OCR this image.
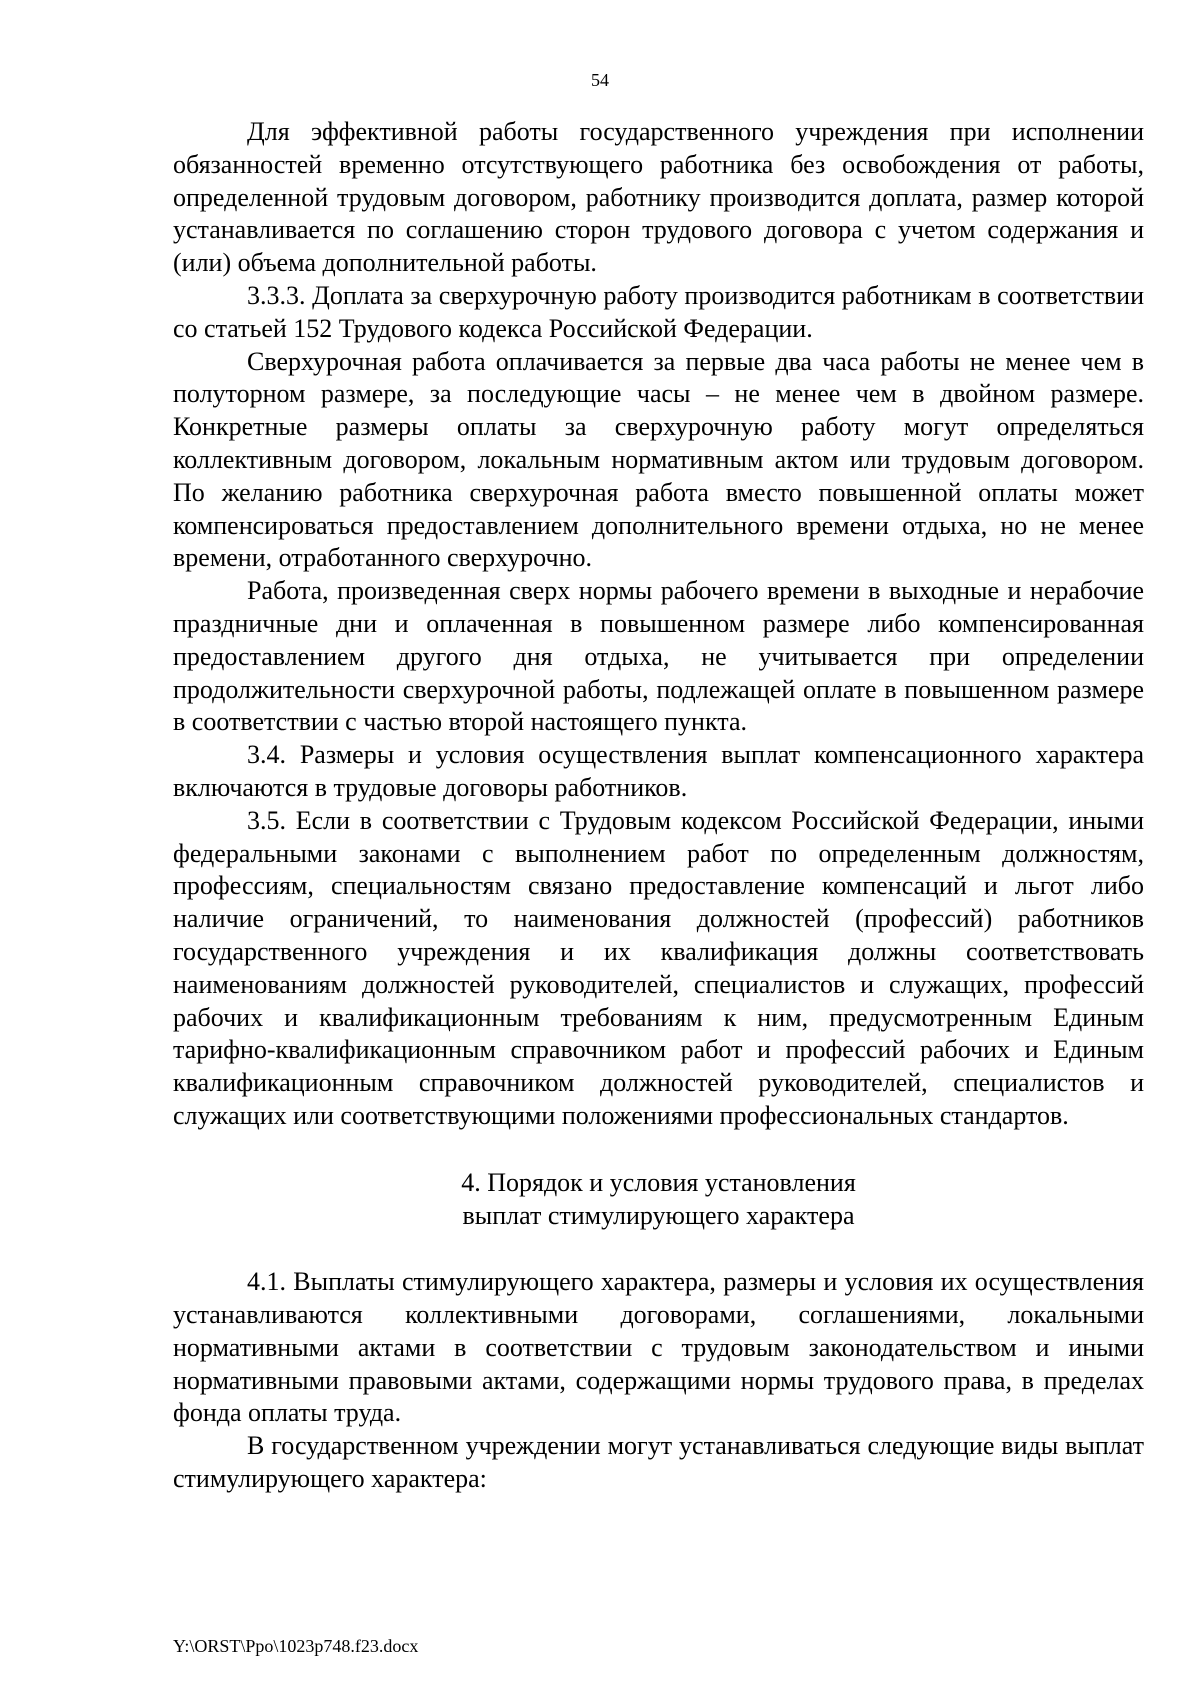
54

Для эффективной работы государственного учреждения при исполнении обязанностей временно отсутствующего работника без освобождения от работы, определенной трудовым договором, работнику производится доплата, размер которой устанавливается по соглашению сторон трудового договора с учетом содержания и (или) объема дополнительной работы.

3.3.3. Доплата за сверхурочную работу производится работникам в соответствии со статьей 152 Трудового кодекса Российской Федерации.

Сверхурочная работа оплачивается за первые два часа работы не менее чем в полуторном размере, за последующие часы – не менее чем в двойном размере. Конкретные размеры оплаты за сверхурочную работу могут определяться коллективным договором, локальным нормативным актом или трудовым договором. По желанию работника сверхурочная работа вместо повышенной оплаты может компенсироваться предоставлением дополнительного времени отдыха, но не менее времени, отработанного сверхурочно.

Работа, произведенная сверх нормы рабочего времени в выходные и нерабочие праздничные дни и оплаченная в повышенном размере либо компенсированная предоставлением другого дня отдыха, не учитывается при определении продолжительности сверхурочной работы, подлежащей оплате в повышенном размере в соответствии с частью второй настоящего пункта.

3.4. Размеры и условия осуществления выплат компенсационного характера включаются в трудовые договоры работников.

3.5. Если в соответствии с Трудовым кодексом Российской Федерации, иными федеральными законами с выполнением работ по определенным должностям, профессиям, специальностям связано предоставление компенсаций и льгот либо наличие ограничений, то наименования должностей (профессий) работников государственного учреждения и их квалификация должны соответствовать наименованиям должностей руководителей, специалистов и служащих, профессий рабочих и квалификационным требованиям к ним, предусмотренным Единым тарифно-квалификационным справочником работ и профессий рабочих и Единым квалификационным справочником должностей руководителей, специалистов и служащих или соответствующими положениями профессиональных стандартов.

4. Порядок и условия установления
выплат стимулирующего характера

4.1. Выплаты стимулирующего характера, размеры и условия их осуществления устанавливаются коллективными договорами, соглашениями, локальными нормативными актами в соответствии с трудовым законодательством и иными нормативными правовыми актами, содержащими нормы трудового права, в пределах фонда оплаты труда.

В государственном учреждении могут устанавливаться следующие виды выплат стимулирующего характера:

Y:\ORST\Ppo\1023p748.f23.docx
